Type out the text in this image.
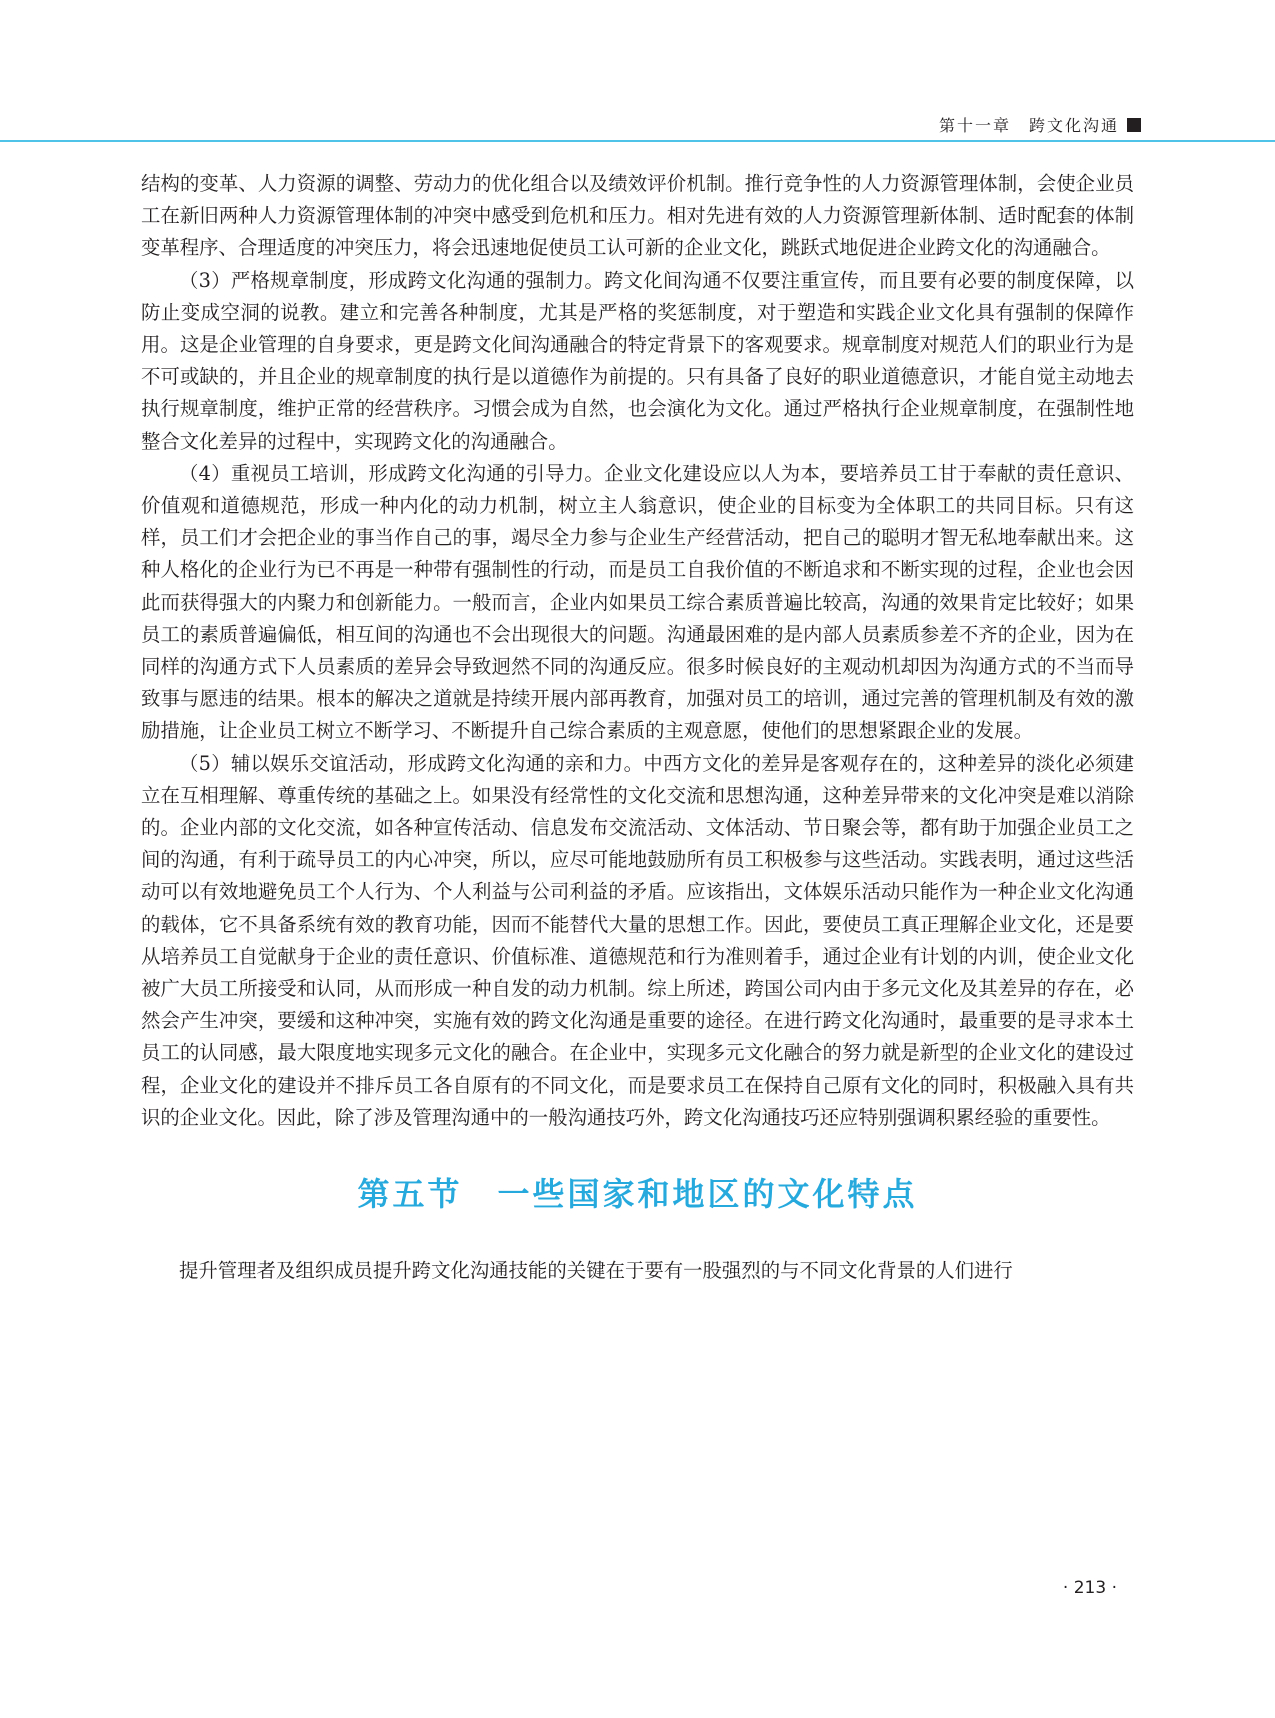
第十一章　跨文化沟通

结构的变革、人力资源的调整、劳动力的优化组合以及绩效评价机制。推行竞争性的人力资源管理体制，会使企业员工在新旧两种人力资源管理体制的冲突中感受到危机和压力。相对先进有效的人力资源管理新体制、适时配套的体制变革程序、合理适度的冲突压力，将会迅速地促使员工认可新的企业文化，跳跃式地促进企业跨文化的沟通融合。

（3）严格规章制度，形成跨文化沟通的强制力。跨文化间沟通不仅要注重宣传，而且要有必要的制度保障，以防止变成空洞的说教。建立和完善各种制度，尤其是严格的奖惩制度，对于塑造和实践企业文化具有强制的保障作用。这是企业管理的自身要求，更是跨文化间沟通融合的特定背景下的客观要求。规章制度对规范人们的职业行为是不可或缺的，并且企业的规章制度的执行是以道德作为前提的。只有具备了良好的职业道德意识，才能自觉主动地去执行规章制度，维护正常的经营秩序。习惯会成为自然，也会演化为文化。通过严格执行企业规章制度，在强制性地整合文化差异的过程中，实现跨文化的沟通融合。

（4）重视员工培训，形成跨文化沟通的引导力。企业文化建设应以人为本，要培养员工甘于奉献的责任意识、价值观和道德规范，形成一种内化的动力机制，树立主人翁意识，使企业的目标变为全体职工的共同目标。只有这样，员工们才会把企业的事当作自己的事，竭尽全力参与企业生产经营活动，把自己的聪明才智无私地奉献出来。这种人格化的企业行为已不再是一种带有强制性的行动，而是员工自我价值的不断追求和不断实现的过程，企业也会因此而获得强大的内聚力和创新能力。一般而言，企业内如果员工综合素质普遍比较高，沟通的效果肯定比较好；如果员工的素质普遍偏低，相互间的沟通也不会出现很大的问题。沟通最困难的是内部人员素质参差不齐的企业，因为在同样的沟通方式下人员素质的差异会导致迥然不同的沟通反应。很多时候良好的主观动机却因为沟通方式的不当而导致事与愿违的结果。根本的解决之道就是持续开展内部再教育，加强对员工的培训，通过完善的管理机制及有效的激励措施，让企业员工树立不断学习、不断提升自己综合素质的主观意愿，使他们的思想紧跟企业的发展。

（5）辅以娱乐交谊活动，形成跨文化沟通的亲和力。中西方文化的差异是客观存在的，这种差异的淡化必须建立在互相理解、尊重传统的基础之上。如果没有经常性的文化交流和思想沟通，这种差异带来的文化冲突是难以消除的。企业内部的文化交流，如各种宣传活动、信息发布交流活动、文体活动、节日聚会等，都有助于加强企业员工之间的沟通，有利于疏导员工的内心冲突，所以，应尽可能地鼓励所有员工积极参与这些活动。实践表明，通过这些活动可以有效地避免员工个人行为、个人利益与公司利益的矛盾。应该指出，文体娱乐活动只能作为一种企业文化沟通的载体，它不具备系统有效的教育功能，因而不能替代大量的思想工作。因此，要使员工真正理解企业文化，还是要从培养员工自觉献身于企业的责任意识、价值标准、道德规范和行为准则着手，通过企业有计划的内训，使企业文化被广大员工所接受和认同，从而形成一种自发的动力机制。综上所述，跨国公司内由于多元文化及其差异的存在，必然会产生冲突，要缓和这种冲突，实施有效的跨文化沟通是重要的途径。在进行跨文化沟通时，最重要的是寻求本土员工的认同感，最大限度地实现多元文化的融合。在企业中，实现多元文化融合的努力就是新型的企业文化的建设过程，企业文化的建设并不排斥员工各自原有的不同文化，而是要求员工在保持自己原有文化的同时，积极融入具有共识的企业文化。因此，除了涉及管理沟通中的一般沟通技巧外，跨文化沟通技巧还应特别强调积累经验的重要性。

第五节　一些国家和地区的文化特点

提升管理者及组织成员提升跨文化沟通技能的关键在于要有一股强烈的与不同文化背景的人们进行

· 213 ·
